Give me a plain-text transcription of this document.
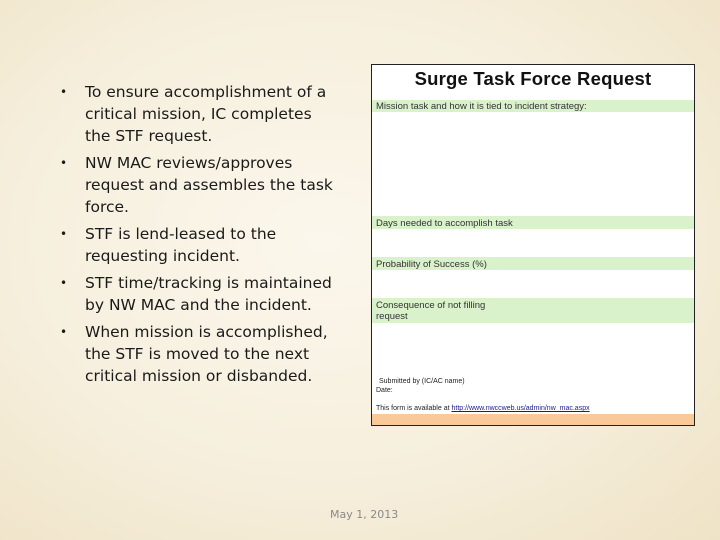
• To ensure accomplishment of a critical mission, IC completes the STF request.
• NW MAC reviews/approves request and assembles the task force.
• STF is lend-leased to the requesting incident.
• STF time/tracking is maintained by NW MAC and the incident.
• When mission is accomplished, the STF is moved to the next critical mission or disbanded.
Surge Task Force Request
Mission task and how it is tied to incident strategy:
Days needed to accomplish task
Probability of Success (%)
Consequence of not filling request
Submitted by (IC/AC name)
Date:
This form is available at http://www.nwccweb.us/admin/nw_mac.aspx
May 1, 2013
